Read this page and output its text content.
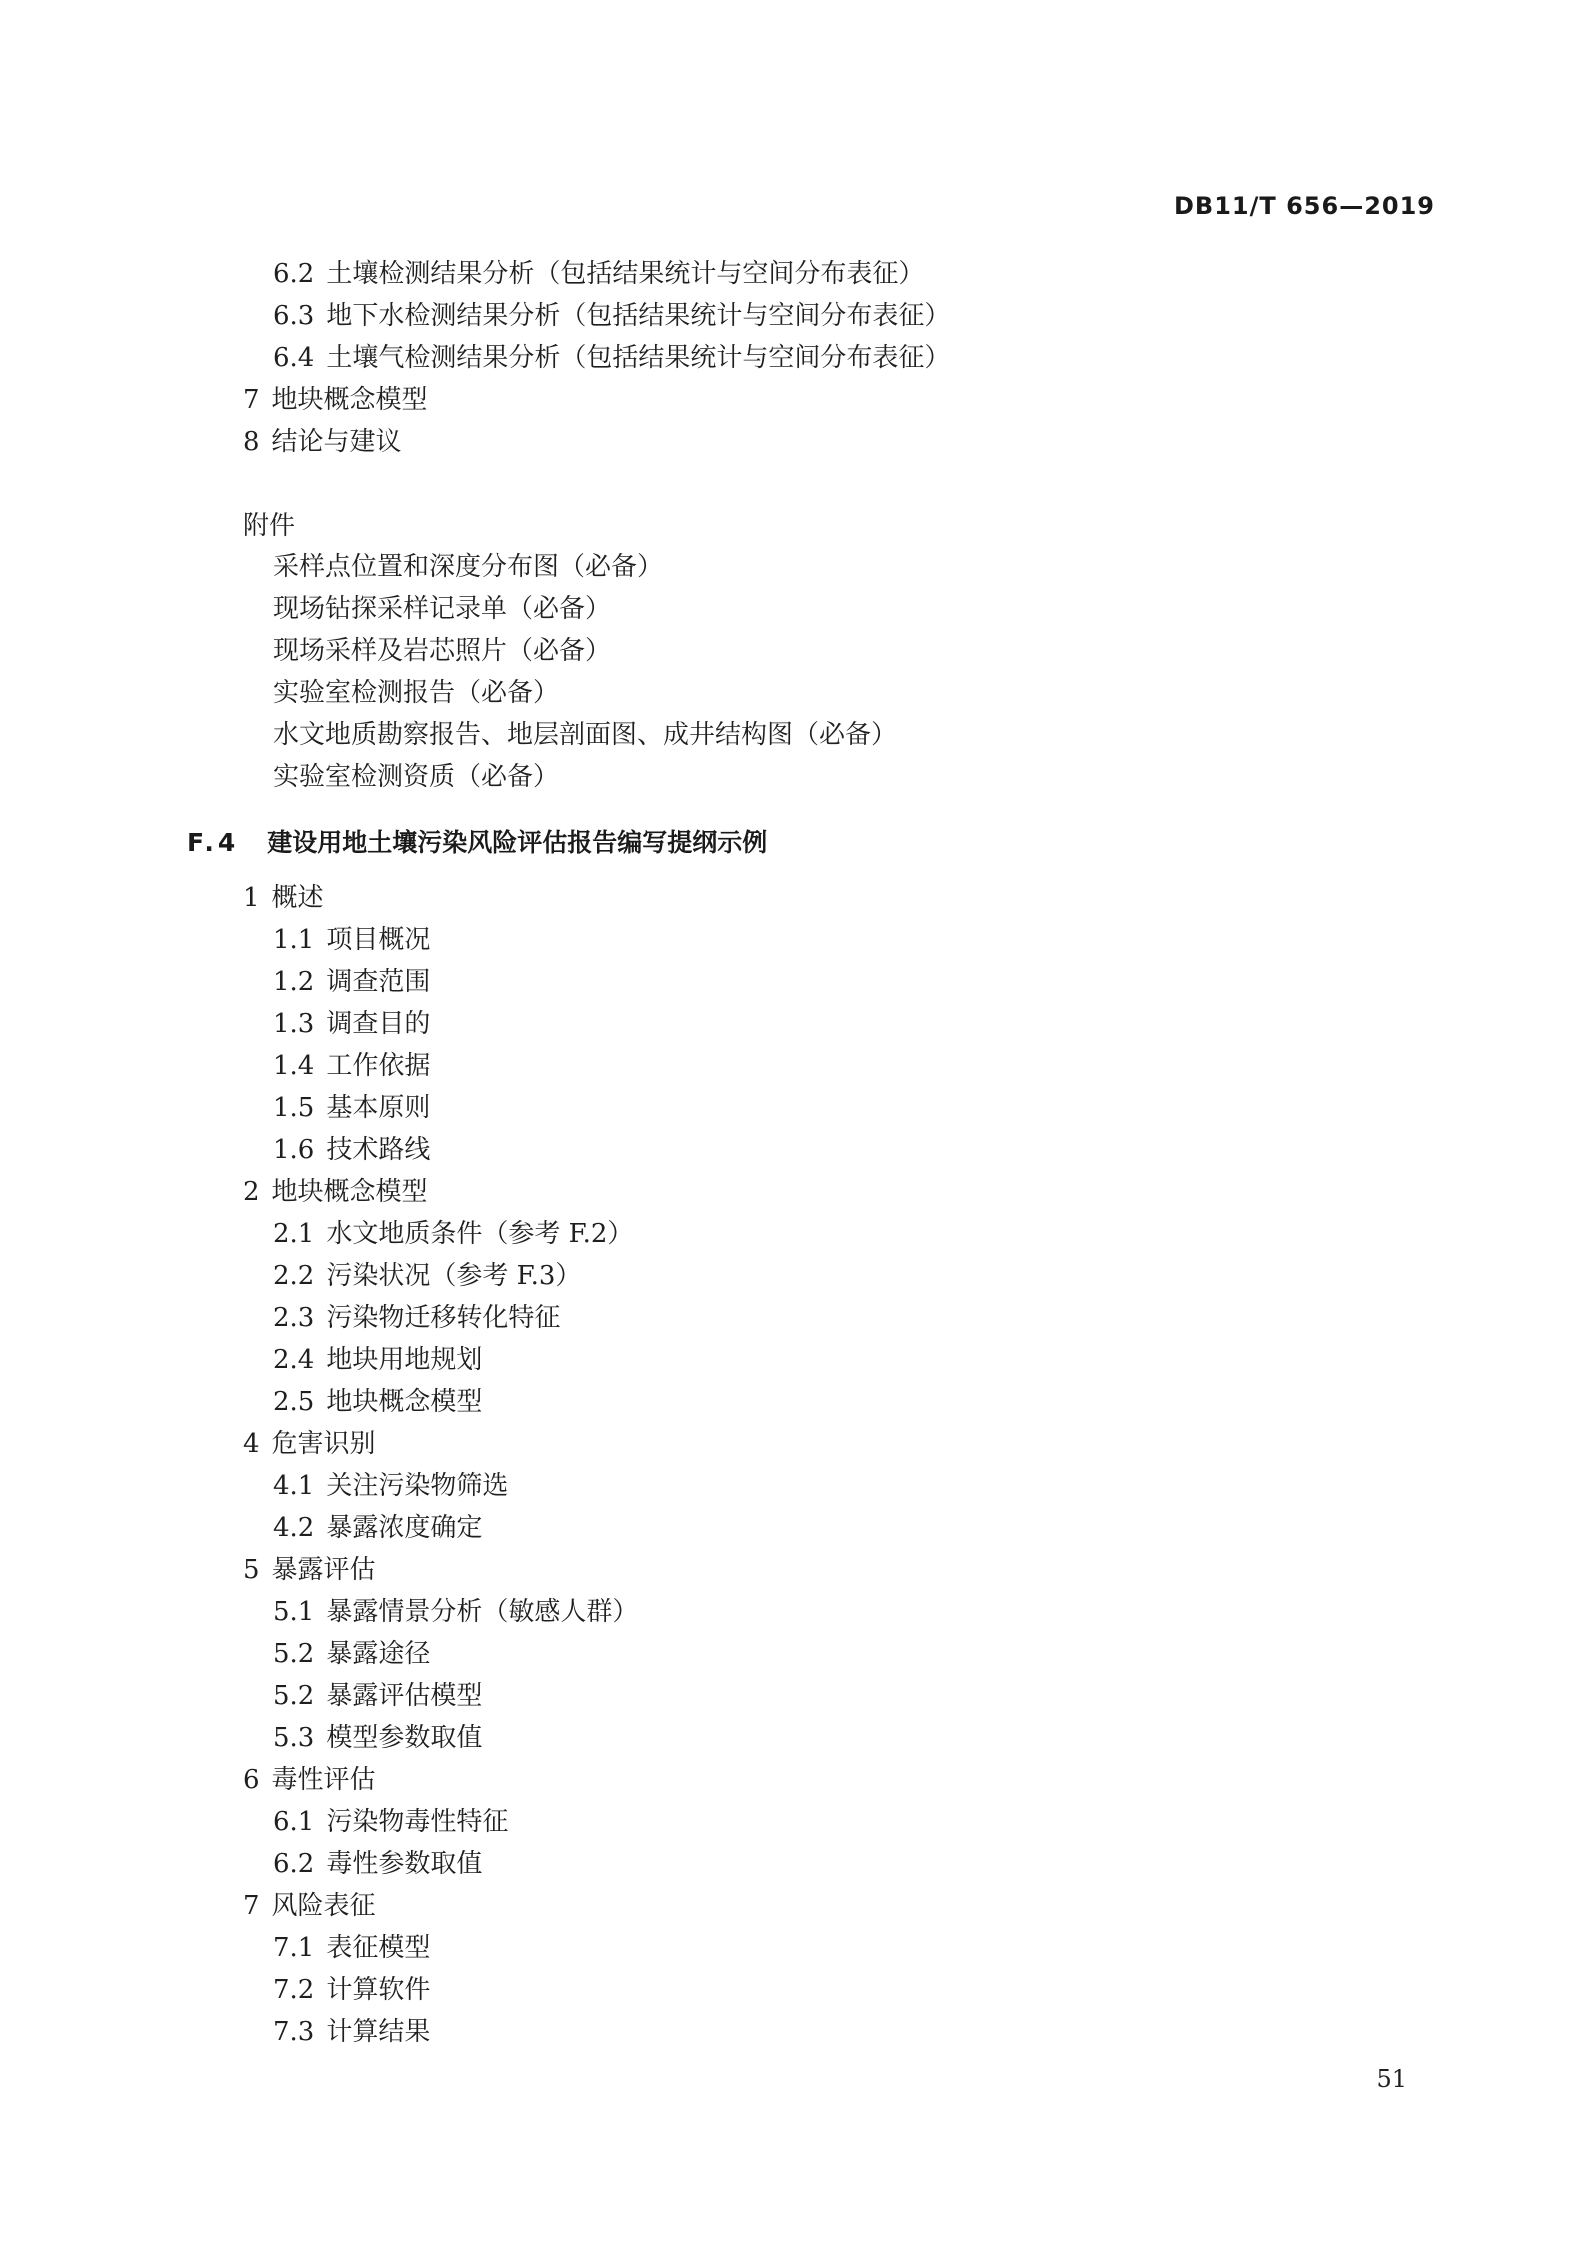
DB11/T 656—2019
6.2 土壤检测结果分析（包括结果统计与空间分布表征）
6.3 地下水检测结果分析（包括结果统计与空间分布表征）
6.4 土壤气检测结果分析（包括结果统计与空间分布表征）
7 地块概念模型
8 结论与建议
附件
采样点位置和深度分布图（必备）
现场钻探采样记录单（必备）
现场采样及岩芯照片（必备）
实验室检测报告（必备）
水文地质勘察报告、地层剖面图、成井结构图（必备）
实验室检测资质（必备）
F.4 建设用地土壤污染风险评估报告编写提纲示例
1 概述
1.1 项目概况
1.2 调查范围
1.3 调查目的
1.4 工作依据
1.5 基本原则
1.6 技术路线
2 地块概念模型
2.1 水文地质条件（参考 F.2）
2.2 污染状况（参考 F.3）
2.3 污染物迁移转化特征
2.4 地块用地规划
2.5 地块概念模型
4 危害识别
4.1 关注污染物筛选
4.2 暴露浓度确定
5 暴露评估
5.1 暴露情景分析（敏感人群）
5.2 暴露途径
5.2 暴露评估模型
5.3 模型参数取值
6 毒性评估
6.1 污染物毒性特征
6.2 毒性参数取值
7 风险表征
7.1 表征模型
7.2 计算软件
7.3 计算结果
51
